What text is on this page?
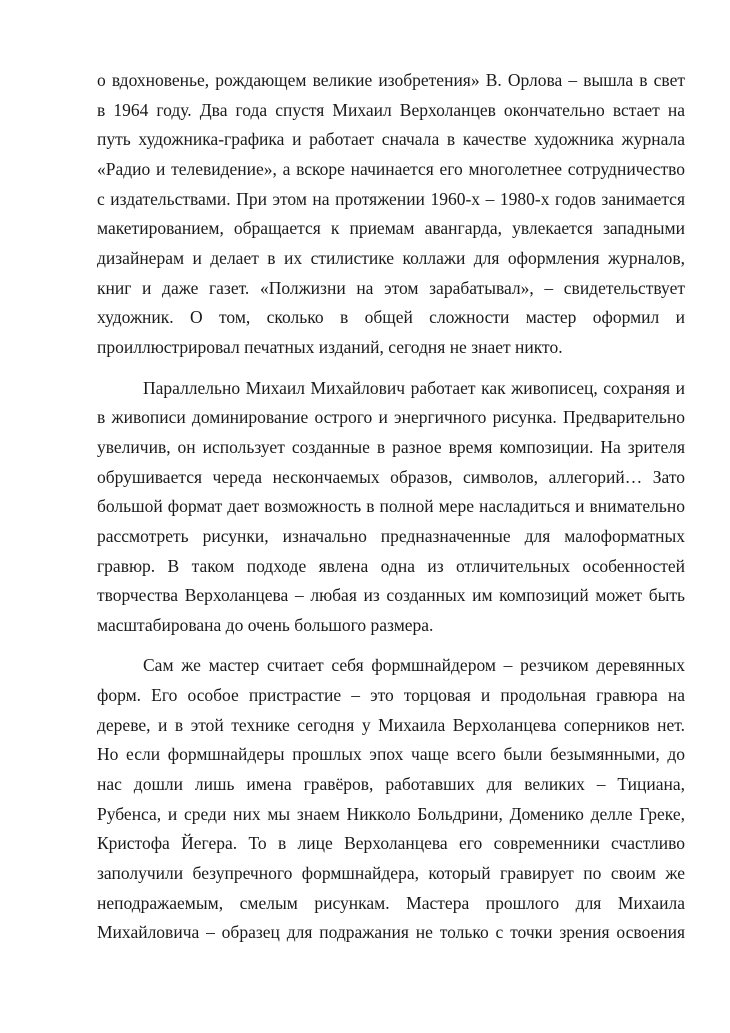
о вдохновенье, рождающем великие изобретения» В. Орлова – вышла в свет
в 1964 году. Два года спустя Михаил Верхоланцев окончательно встает на
путь художника-графика и работает сначала в качестве художника журнала
«Радио и телевидение», а вскоре начинается его многолетнее сотрудничество
с издательствами. При этом на протяжении 1960-х – 1980-х годов занимается
макетированием, обращается к приемам авангарда, увлекается западными
дизайнерам и делает в их стилистике коллажи для оформления журналов,
книг и даже газет. «Полжизни на этом зарабатывал», – свидетельствует
художник. О том, сколько в общей сложности мастер оформил и
проиллюстрировал печатных изданий, сегодня не знает никто.
Параллельно Михаил Михайлович работает как живописец, сохраняя и
в живописи доминирование острого и энергичного рисунка. Предварительно
увеличив, он использует созданные в разное время композиции. На зрителя
обрушивается череда нескончаемых образов, символов, аллегорий… Зато
большой формат дает возможность в полной мере насладиться и внимательно
рассмотреть рисунки, изначально предназначенные для малоформатных
гравюр. В таком подходе явлена одна из отличительных особенностей
творчества Верхоланцева – любая из созданных им композиций может быть
масштабирована до очень большого размера.
Сам же мастер считает себя формшнайдером – резчиком деревянных
форм. Его особое пристрастие – это торцовая и продольная гравюра на
дереве, и в этой технике сегодня у Михаила Верхоланцева соперников нет.
Но если формшнайдеры прошлых эпох чаще всего были безымянными, до
нас дошли лишь имена гравёров, работавших для великих – Тициана,
Рубенса, и среди них мы знаем Никколо Больдрини, Доменико делле Греке,
Кристофа Йегера. То в лице Верхоланцева его современники счастливо
заполучили безупречного формшнайдера, который гравирует по своим же
неподражаемым, смелым рисункам. Мастера прошлого для Михаила
Михайловича – образец для подражания не только с точки зрения освоения
